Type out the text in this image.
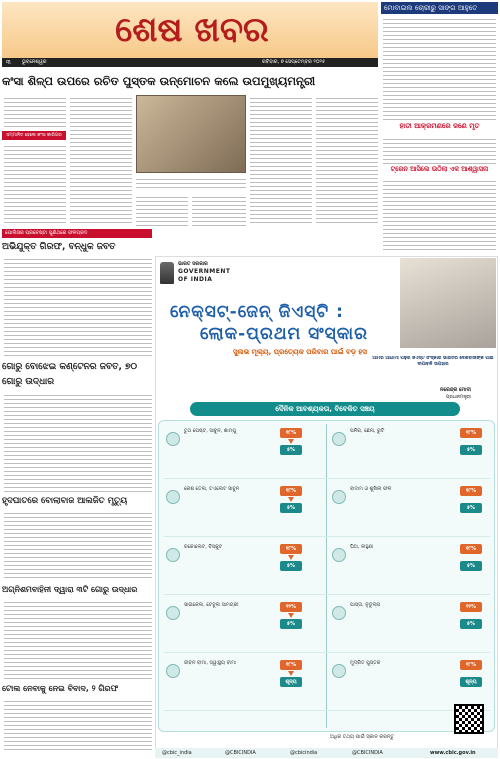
ଶେଷ ଖବର
୩ ଭୁବନେଶ୍ୱର	ରବିବାର, ୭ ସେପ୍ଟେମ୍ବର ୨୦୨୫
ମୋବାଇଲ ଚୋରୀରୁ ସାଙ୍ଗ ଆହୁତେ
ହାତୀ ଆକ୍ରମଣରେ ଜଣେ ମୃତ
ଟ୍ରେନ ଆସିଲେ ଉଠିଲା ଏକ ଆଶ୍ୱାସନା
କଂସା ଶିଳ୍ପ ଉପରେ ରଚିତ ପୁସ୍ତକ ଉନ୍ମୋଚନ କଲେ ଉପମୁଖ୍ୟମନ୍ତ୍ରୀ
ସମ୍ମାନିତ ହେଲେ କଂସା କାରିଗର
ପୋଲିସର ପ୍ରଚେଷ୍ଟା ପୁଣିଥରେ ଫଳପ୍ରଦ
ଅଭିଯୁକ୍ତ ଗିରଫ, ବନ୍ଧୁକ ଜବତ
ଗୋରୁ ବୋଝେଇ କଣ୍ଟେନର ଜବତ, ୭୦ ଗୋରୁ ଉଦ୍ଧାର
ହୃଦଘାତରେ ବୋଲାବାଜ ଆଲଜିତ ମୃତ୍ୟୁ
ଅଗ୍ନିଶମବାହିନୀ ଦ୍ୱାରା ୩ଟି ଗୋରୁ ଉଦ୍ଧାର
ଟୋଲ ନେବାକୁ ନେଇ ବିବାଦ, ୨ ଗିରଫ
ଭାରତ ସରକାର
GOVERNMENT
OF INDIA
ନେକ୍ସଟ୍-ଜେନ୍ ଜିଏସ୍‌ଟି :
ଲୋକ-ପ୍ରଥମ ସଂସ୍କାର
ସୁଲଭ ମୂଲ୍ୟ, ପ୍ରତ୍ୟେକ ପରିବାର ପାଇଁ ବଡ଼ ହସ
ଆମର ଆଗାମୀ ପିଢ଼ିର ଜିଏସ୍‌ଟି ସଂସ୍କାର ଭାରତର ଦେଶବାସୀଙ୍କ ପାଇଁ ଦୀପାବଳି ଉପହାର
ନରେନ୍ଦ୍ର ମୋଦୀ
ପ୍ରଧାନମନ୍ତ୍ରୀ
ଦୈନିକ ଆବଶ୍ୟକତା, ବିବେକିତ ସଞ୍ଚୟ
ଟୁଥ ପେଷ୍ଟ, ସାବୁନ, ଶାମ୍ପୁ	୧୮%
୫%
ପନିର, ଛେନା, ରୁଟି	୧୮%
୫%
କେଶ ତେଲ, ଟଏଲେଟ ସାବୁନ	୧୮%
୫%
ବାଦାମ ଓ ଶୁଖିଲା ଫଳ	୧୮%
୫%
ଚକୋଲେଟ, ବିସ୍କୁଟ	୧୮%
୫%
ଘିଅ, ଲହୁଣୀ	୧୮%
୫%
ସାଇକେଲ, ଟେବୁଲ ସାମଗ୍ରୀ	୧୨%
୫%
ପାସ୍ତା, ନୁଡୁଲ୍ସ	୧୨%
୫%
ଜୀବନ ବୀମା, ସ୍ୱାସ୍ଥ୍ୟ ବୀମା	୧୮%
ଶୂନ୍ୟ
ମୁଦ୍ରିତ ପୁସ୍ତକ	୧୮%
ଶୂନ୍ୟ
ଅଧିକ ତଥ୍ୟ ପାଇଁ ସ୍କାନ କରନ୍ତୁ
@cbic_india	@CBICINDIA	@cbicindia	@CBICINDIA	www.cbic.gov.in
